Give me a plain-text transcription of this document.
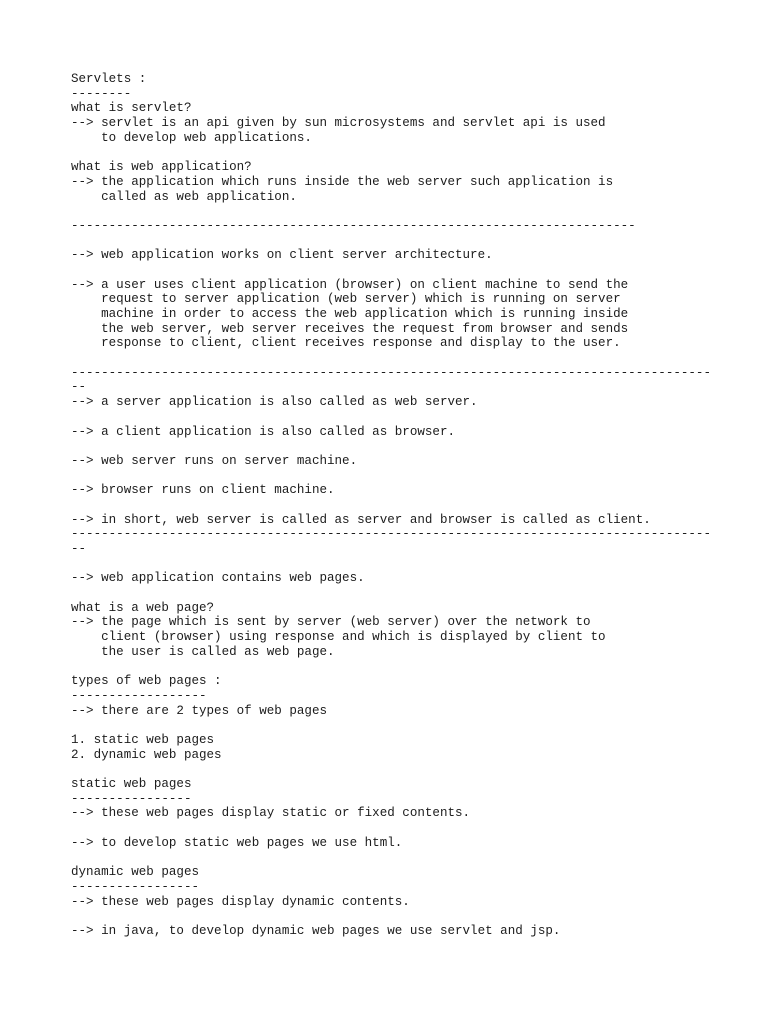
Servlets :
--------
what is servlet?
--> servlet is an api given by sun microsystems and servlet api is used
to develop web applications.
what is web application?
--> the application which runs inside the web server such application is
called as web application.
---------------------------------------------------------------------------
--> web application works on client server architecture.
--> a user uses client application (browser) on client machine to send the
request to server application (web server) which is running on server
machine in order to access the web application which is running inside
the web server, web server receives the request from browser and sends
response to client, client receives response and display to the user.
-------------------------------------------------------------------------------------
--
--> a server application is also called as web server.
--> a client application is also called as browser.
--> web server runs on server machine.
--> browser runs on client machine.
--> in short, web server is called as server and browser is called as client.
-------------------------------------------------------------------------------------
--
--> web application contains web pages.
what is a web page?
--> the page which is sent by server (web server) over the network to
client (browser) using response and which is displayed by client to
the user is called as web page.
types of web pages :
------------------
--> there are 2 types of web pages
1. static web pages
2. dynamic web pages
static web pages
----------------
--> these web pages display static or fixed contents.
--> to develop static web pages we use html.
dynamic web pages
-----------------
--> these web pages display dynamic contents.
--> in java, to develop dynamic web pages we use servlet and jsp.
